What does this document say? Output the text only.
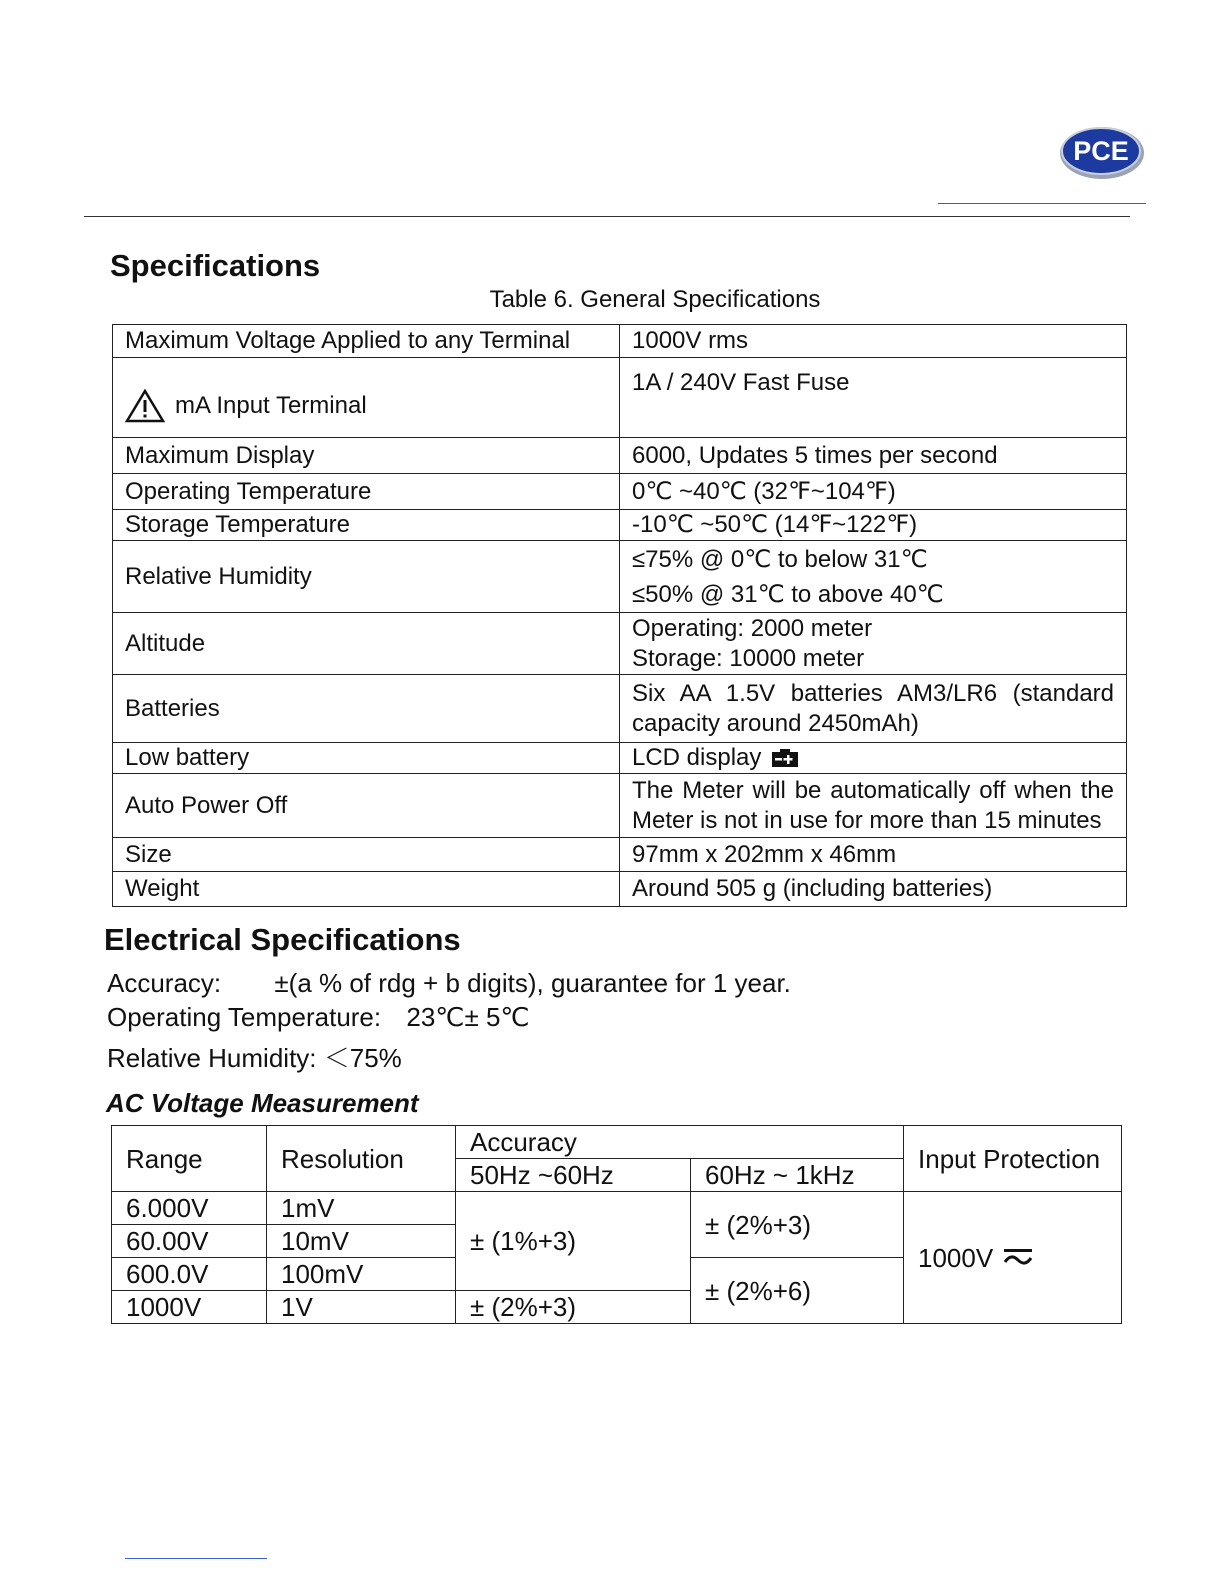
PCE
Specifications
Table 6. General Specifications
Maximum Voltage Applied to any Terminal	1000V rms

mA Input Terminal	1A / 240V Fast Fuse
Maximum Display	6000, Updates 5 times per second
Operating Temperature	0℃ ~40℃ (32℉~104℉)
Storage Temperature	-10℃ ~50℃ (14℉~122℉)
Relative Humidity	≤75% @ 0℃ to below 31℃
≤50% @ 31℃ to above 40℃

Altitude	Operating: 2000 meter
Storage: 10000 meter

Batteries	Six AA 1.5V batteries AM3/LR6 (standard capacity around 2450mAh)
Low battery	LCD display

Auto Power Off	The Meter will be automatically off when the Meter is not in use for more than 15 minutes
Size	97mm x 202mm x 46mm
Weight	Around 505 g (including batteries)
Electrical Specifications
Accuracy: ±(a % of rdg + b digits), guarantee for 1 year.
Operating Temperature: 23℃± 5℃
Relative Humidity: ＜75%
AC Voltage Measurement
Range	Resolution	Accuracy		Input Protection
		50Hz ~60Hz	60Hz ~ 1kHz	
6.000V	1mV	± (1%+3)	± (2%+3)	1000V

60.00V	10mV			
600.0V	100mV		± (2%+6)	
1000V	1V	± (2%+3)		
